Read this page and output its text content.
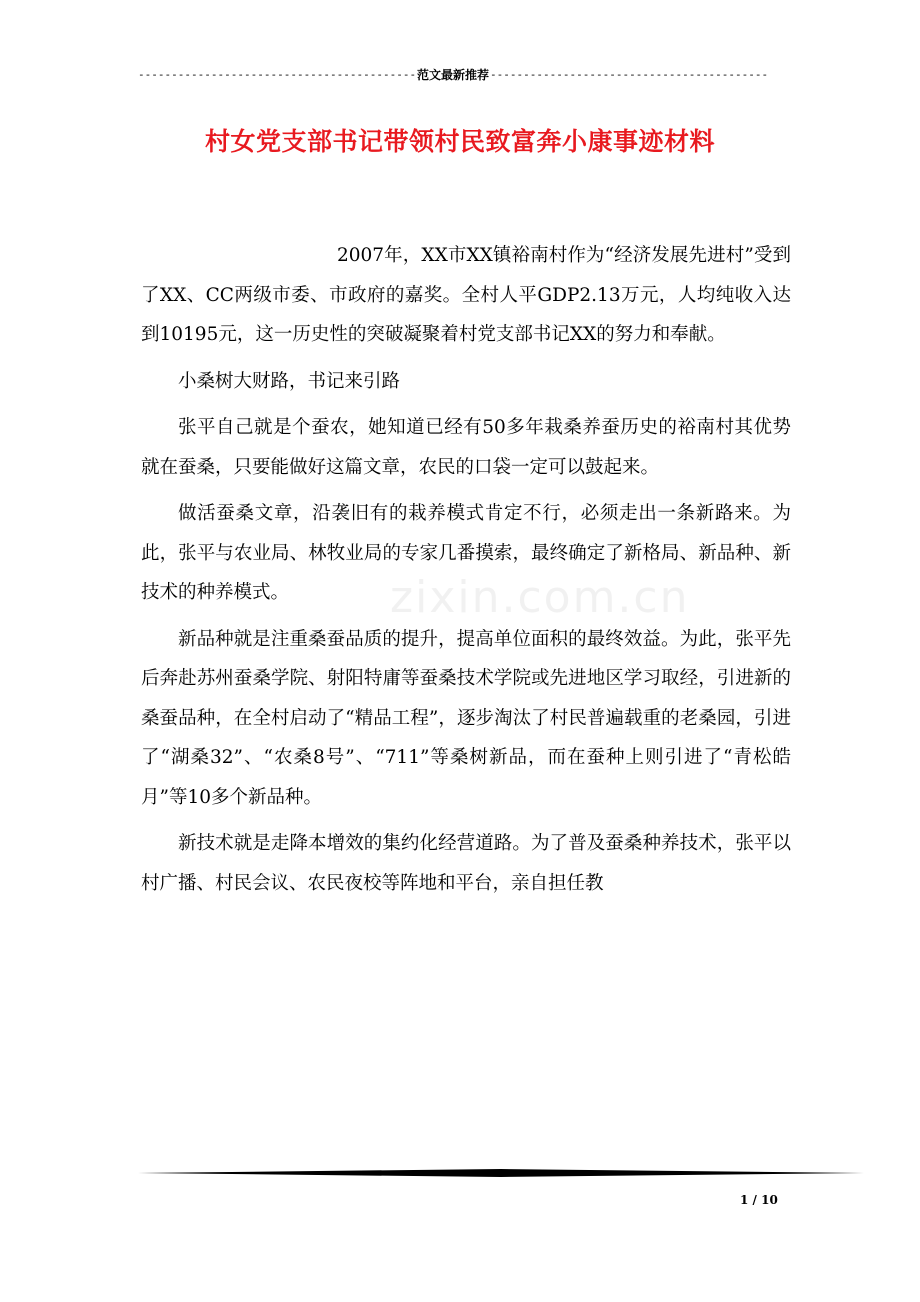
-----
范文最新推荐
-----
村女党支部书记带领村民致富奔小康事迹材料
zixin.com.cn

2007年，XX市XX镇裕南村作为“经济发展先进村”受到了XX、CC两级市委、市政府的嘉奖。全村人平GDP2.13万元，人均纯收入达到10195元，这一历史性的突破凝聚着村党支部书记XX的努力和奉献。

小桑树大财路，书记来引路

张平自己就是个蚕农，她知道已经有50多年栽桑养蚕历史的裕南村其优势就在蚕桑，只要能做好这篇文章，农民的口袋一定可以鼓起来。

做活蚕桑文章，沿袭旧有的栽养模式肯定不行，必须走出一条新路来。为此，张平与农业局、林牧业局的专家几番摸索，最终确定了新格局、新品种、新技术的种养模式。

新品种就是注重桑蚕品质的提升，提高单位面积的最终效益。为此，张平先后奔赴苏州蚕桑学院、射阳特庸等蚕桑技术学院或先进地区学习取经，引进新的桑蚕品种，在全村启动了“精品工程”，逐步淘汰了村民普遍载重的老桑园，引进了“湖桑32”、“农桑8号”、“711”等桑树新品，而在蚕种上则引进了“青松皓月”等10多个新品种。

新技术就是走降本增效的集约化经营道路。为了普及蚕桑种养技术，张平以村广播、村民会议、农民夜校等阵地和平台，亲自担任教

1 / 10
